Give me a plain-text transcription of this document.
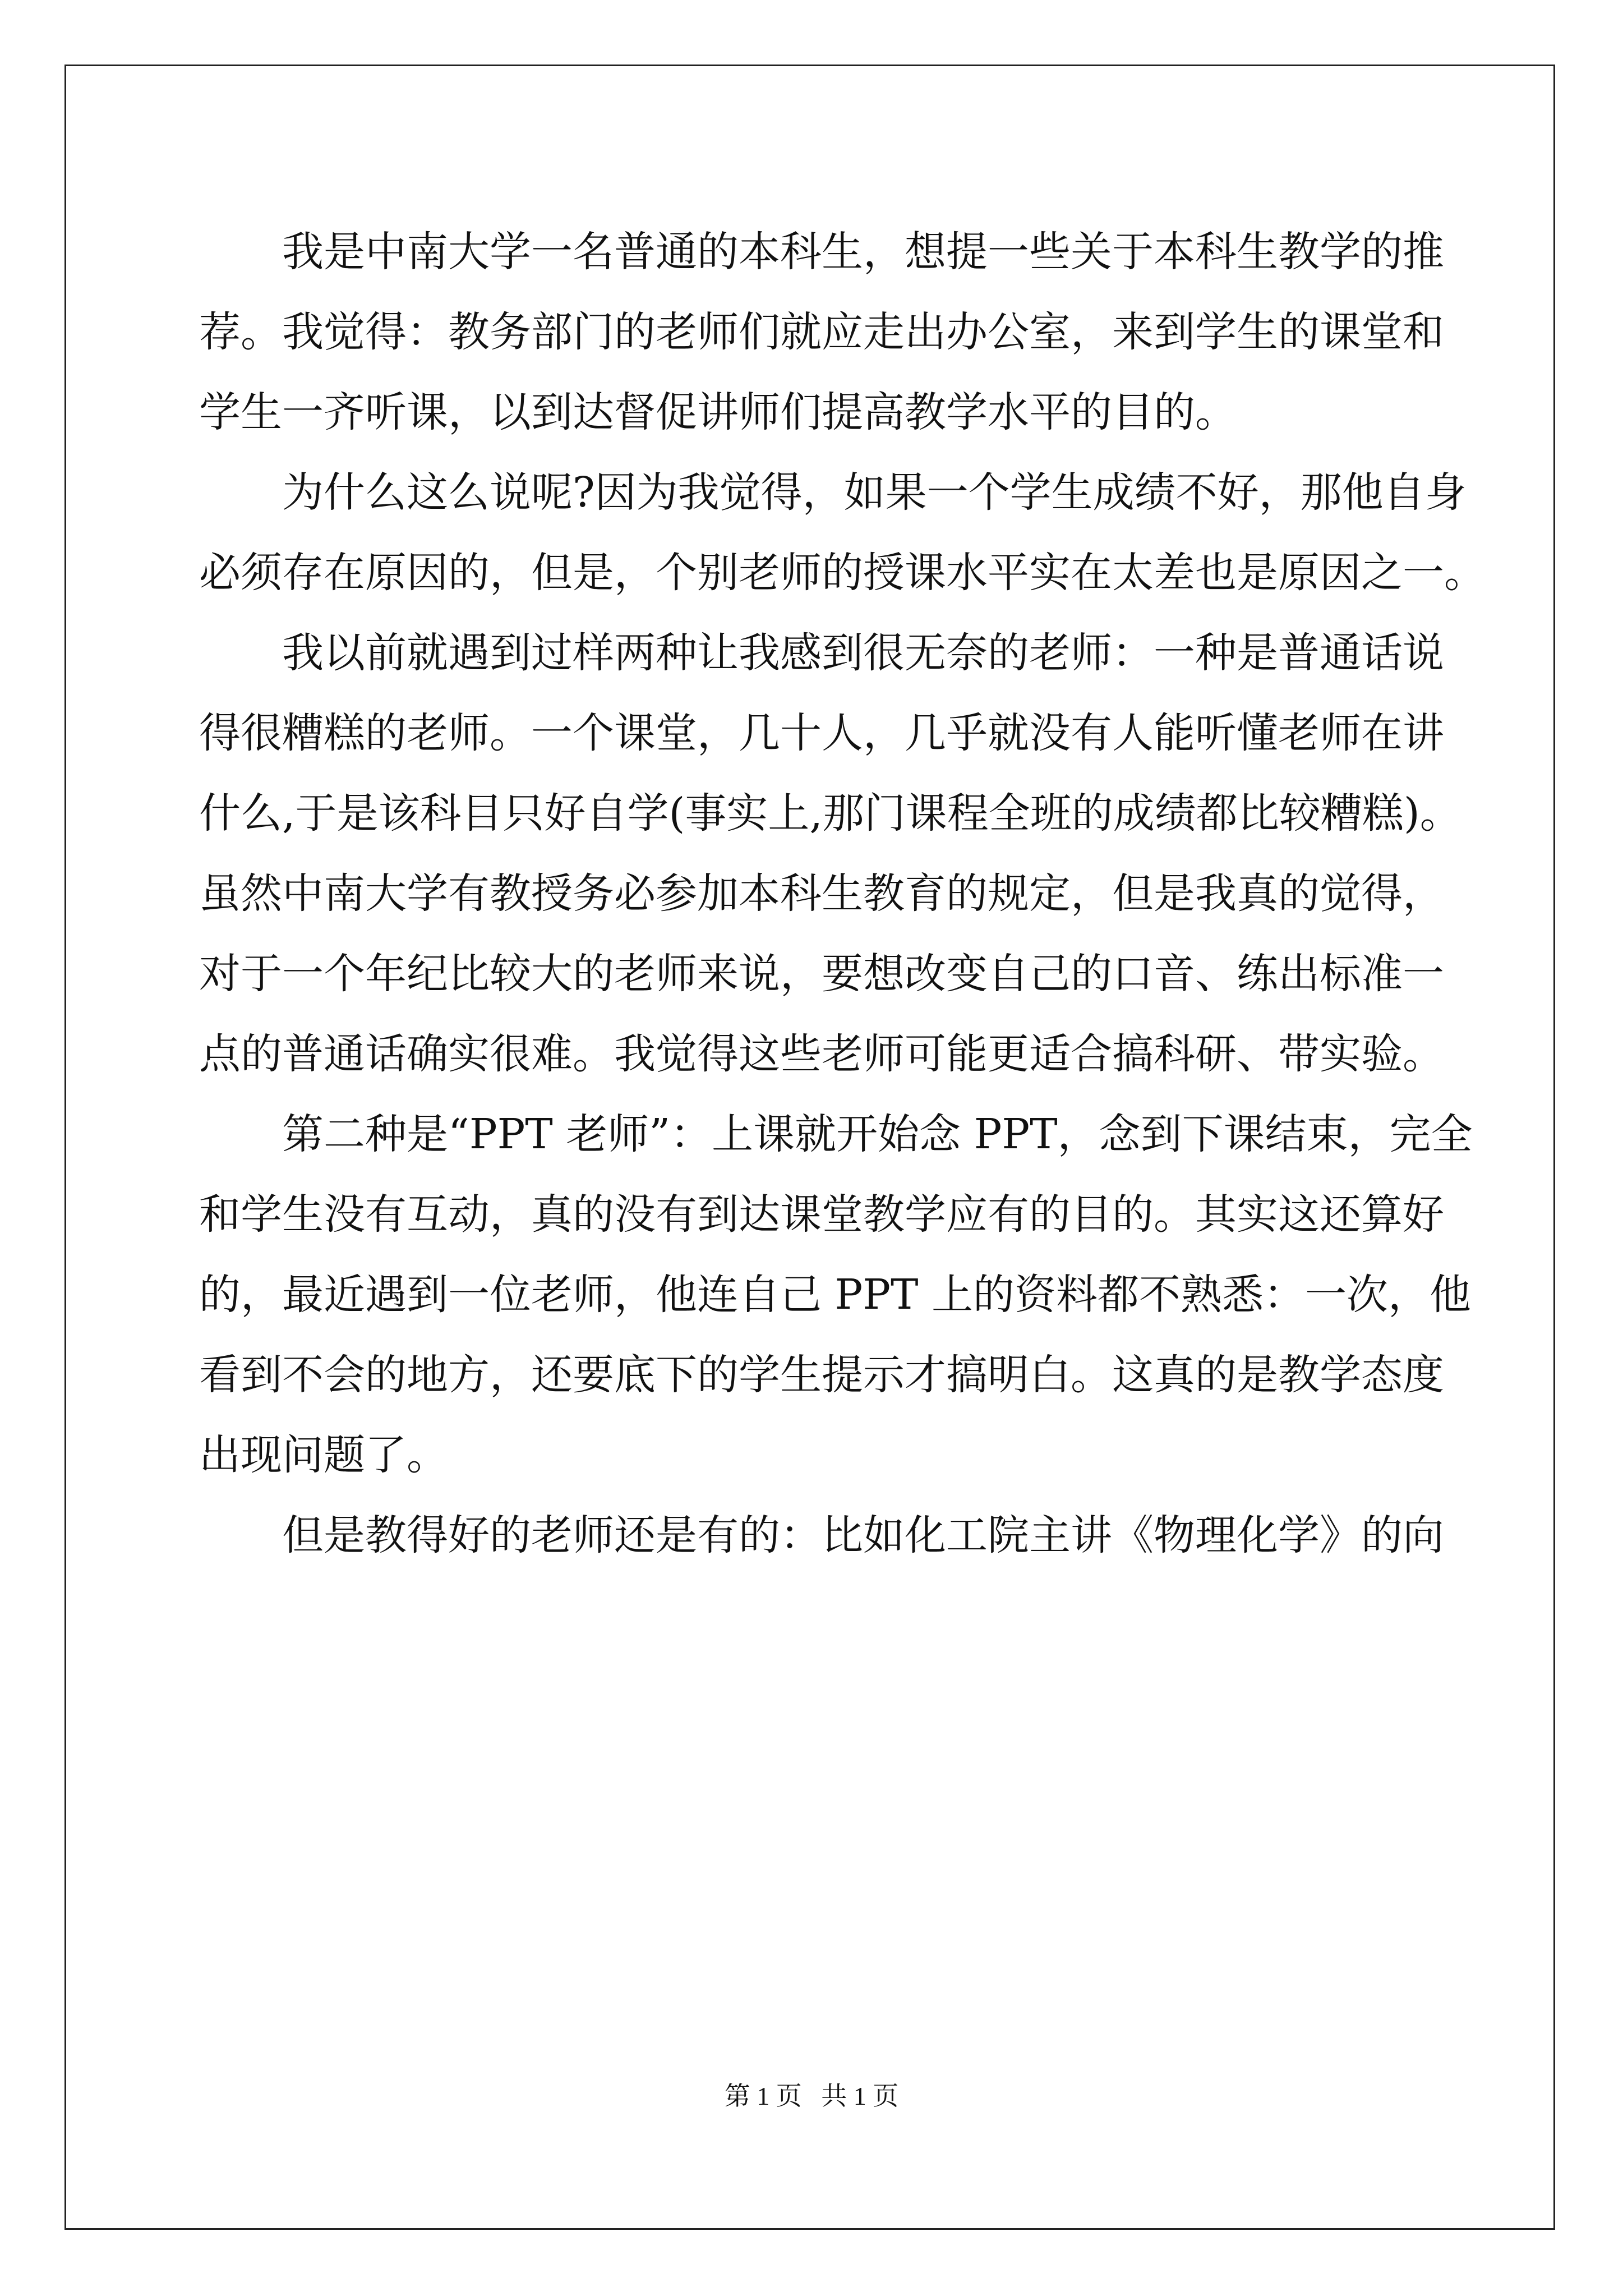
我是中南大学一名普通的本科生，想提一些关于本科生教学的推
荐。我觉得：教务部门的老师们就应走出办公室，来到学生的课堂和
学生一齐听课，以到达督促讲师们提高教学水平的目的。
为什么这么说呢?因为我觉得，如果一个学生成绩不好，那他自身
必须存在原因的，但是，个别老师的授课水平实在太差也是原因之一。
我以前就遇到过样两种让我感到很无奈的老师：一种是普通话说
得很糟糕的老师。一个课堂，几十人，几乎就没有人能听懂老师在讲
什么,于是该科目只好自学(事实上,那门课程全班的成绩都比较糟糕)。
虽然中南大学有教授务必参加本科生教育的规定，但是我真的觉得，
对于一个年纪比较大的老师来说，要想改变自己的口音、练出标准一
点的普通话确实很难。我觉得这些老师可能更适合搞科研、带实验。
第二种是“PPT 老师”：上课就开始念 PPT，念到下课结束，完全
和学生没有互动，真的没有到达课堂教学应有的目的。其实这还算好
的，最近遇到一位老师，他连自己 PPT 上的资料都不熟悉：一次，他
看到不会的地方，还要底下的学生提示才搞明白。这真的是教学态度
出现问题了。
但是教得好的老师还是有的：比如化工院主讲《物理化学》的向
第 1 页   共 1 页
